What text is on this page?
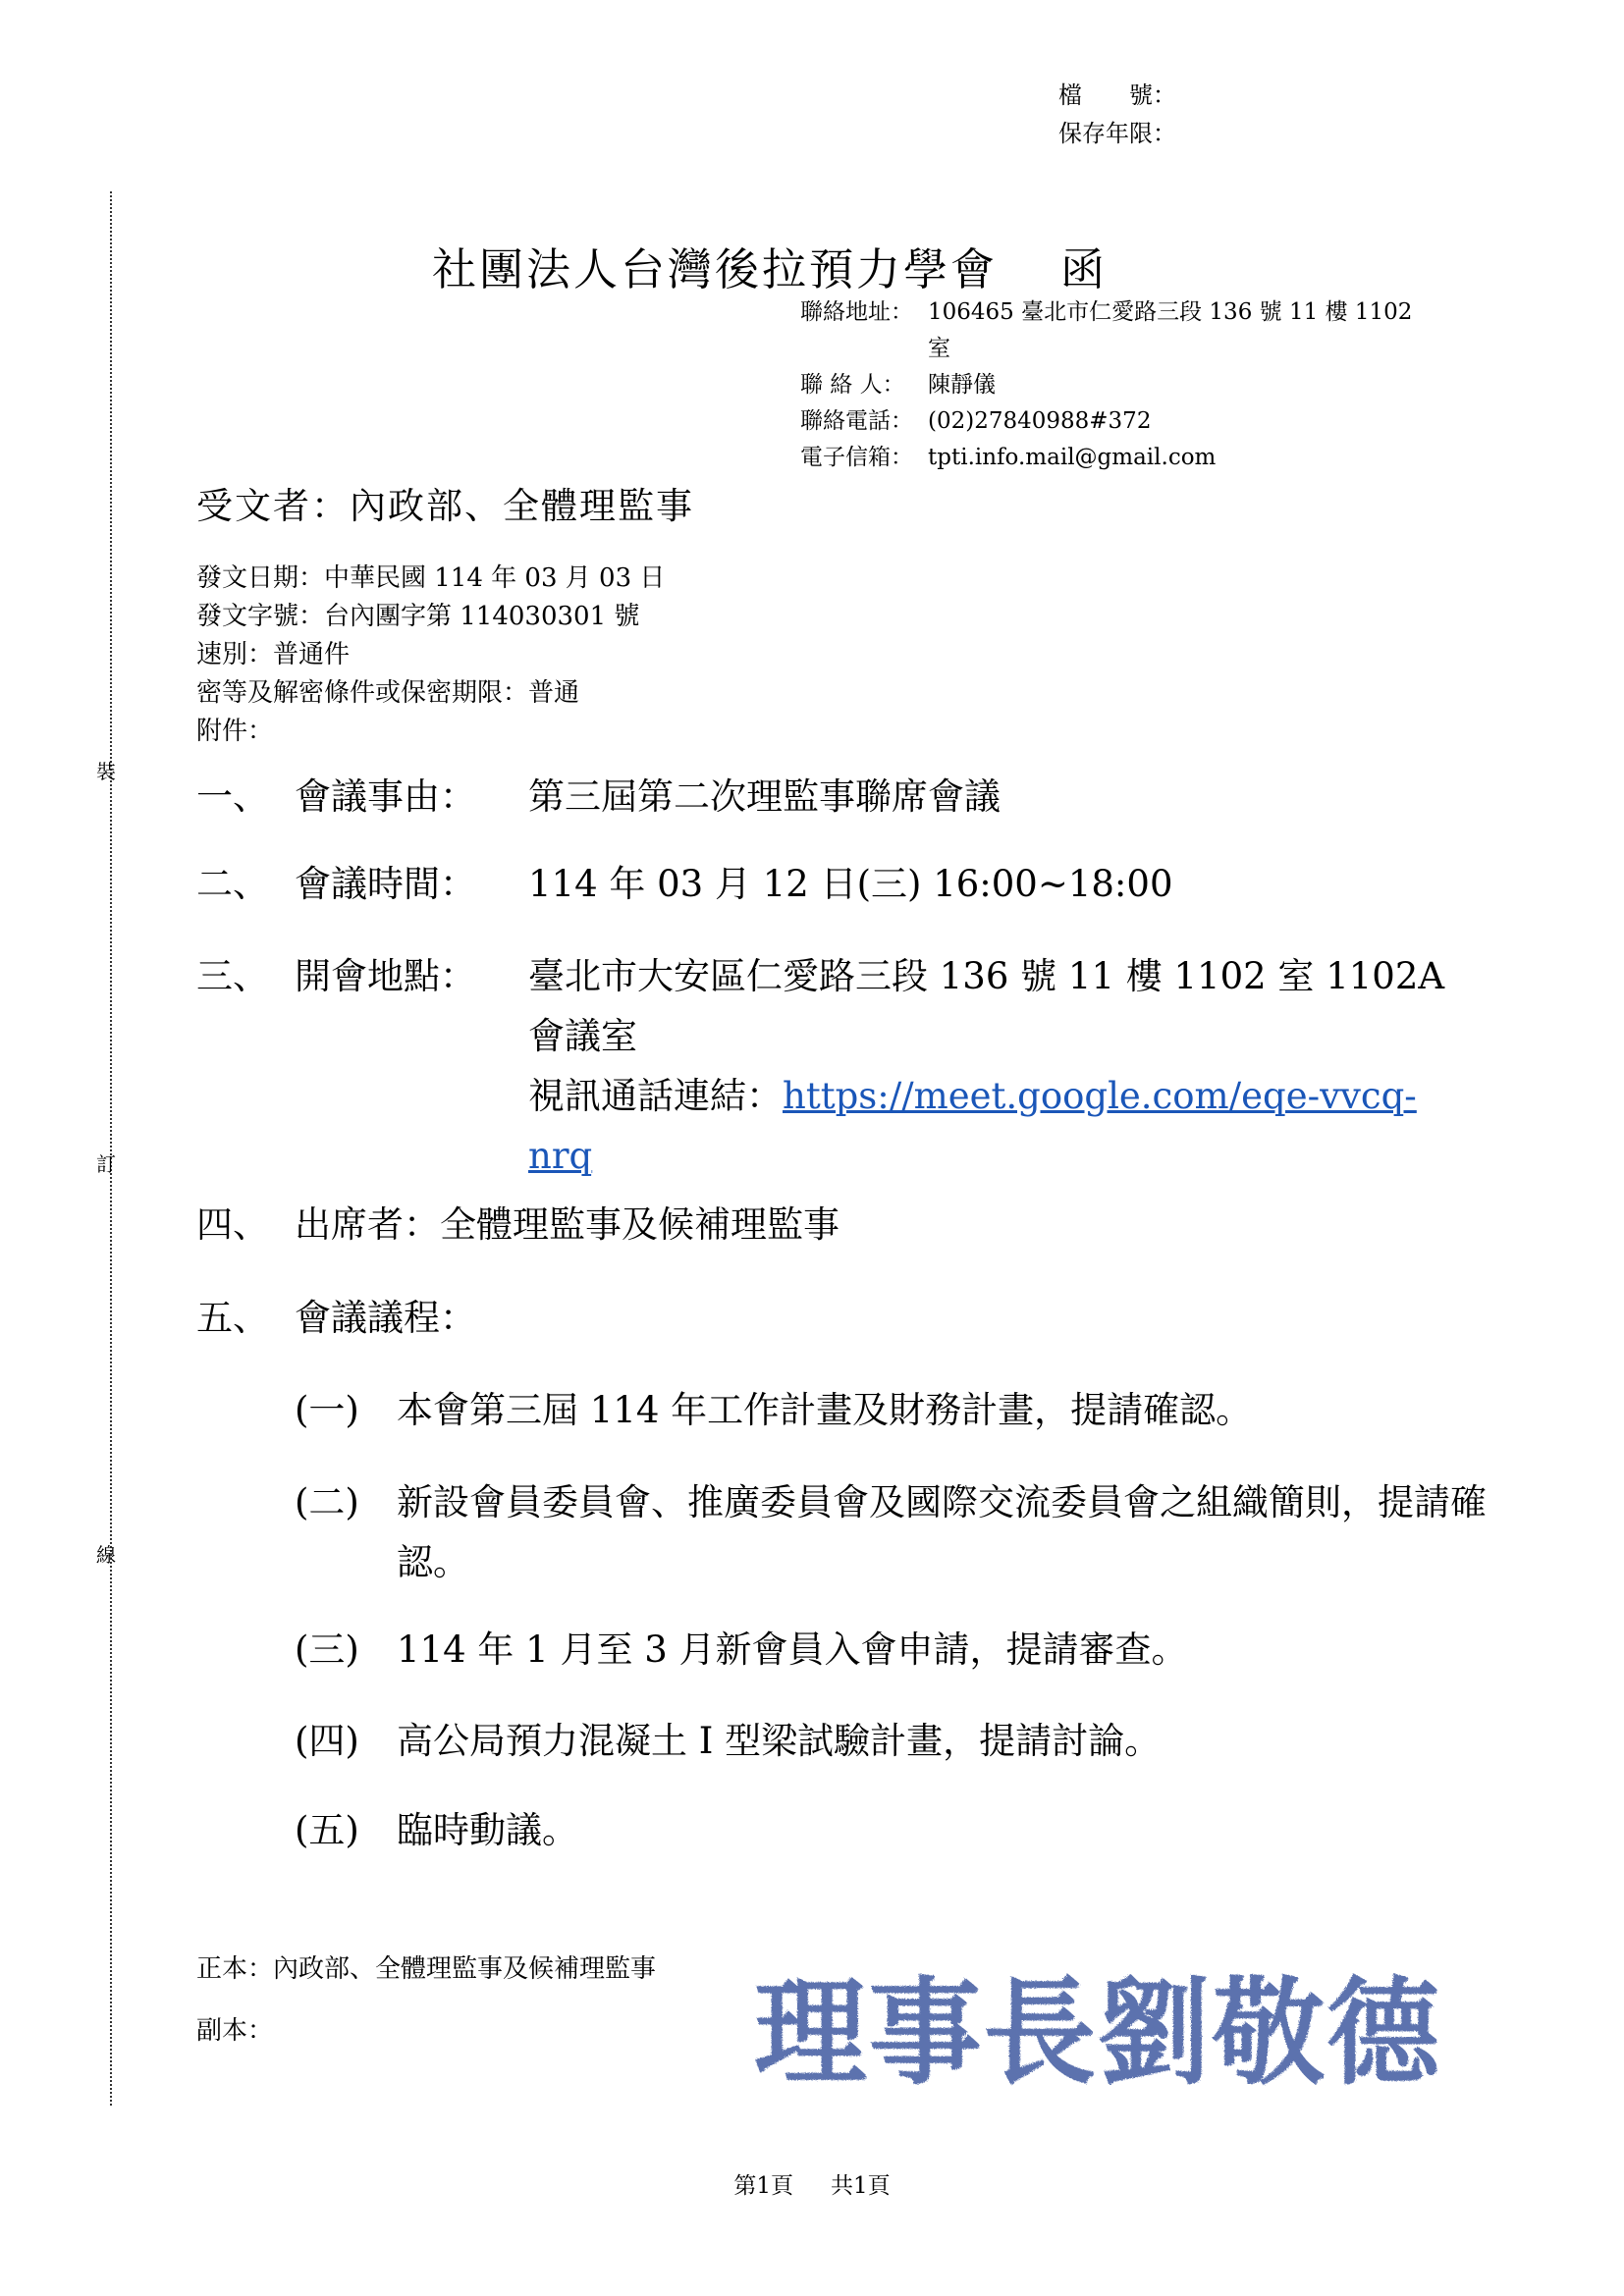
檔　　號：
保存年限：
裝
訂
線
社團法人台灣後拉預力學會 函
聯絡地址： 106465 臺北市仁愛路三段 136 號 11 樓 1102 室
聯 絡 人：	陳靜儀
聯絡電話： (02)27840988#372
電子信箱： tpti.info.mail@gmail.com
受文者：內政部、全體理監事
發文日期：中華民國 114 年 03 月 03 日
發文字號：台內團字第 114030301 號
速別：普通件
密等及解密條件或保密期限：普通
附件：
一、 會議事由：	第三屆第二次理監事聯席會議
二、 會議時間：	114 年 03 月 12 日(三) 16:00~18:00
三、 開會地點：	臺北市大安區仁愛路三段 136 號 11 樓 1102 室 1102A 會議室
視訊通話連結：https://meet.google.com/eqe-vvcq-nrq
四、 出席者：全體理監事及候補理監事
五、 會議議程：
(一)	本會第三屆 114 年工作計畫及財務計畫，提請確認。
(二)	新設會員委員會、推廣委員會及國際交流委員會之組織簡則，提請確認。
(三)	114 年 1 月至 3 月新會員入會申請，提請審查。
(四)	高公局預力混凝土 I 型梁試驗計畫，提請討論。
(五)	臨時動議。
正本：內政部、全體理監事及候補理監事
副本：	理事長劉敬德
第1頁 共1頁
